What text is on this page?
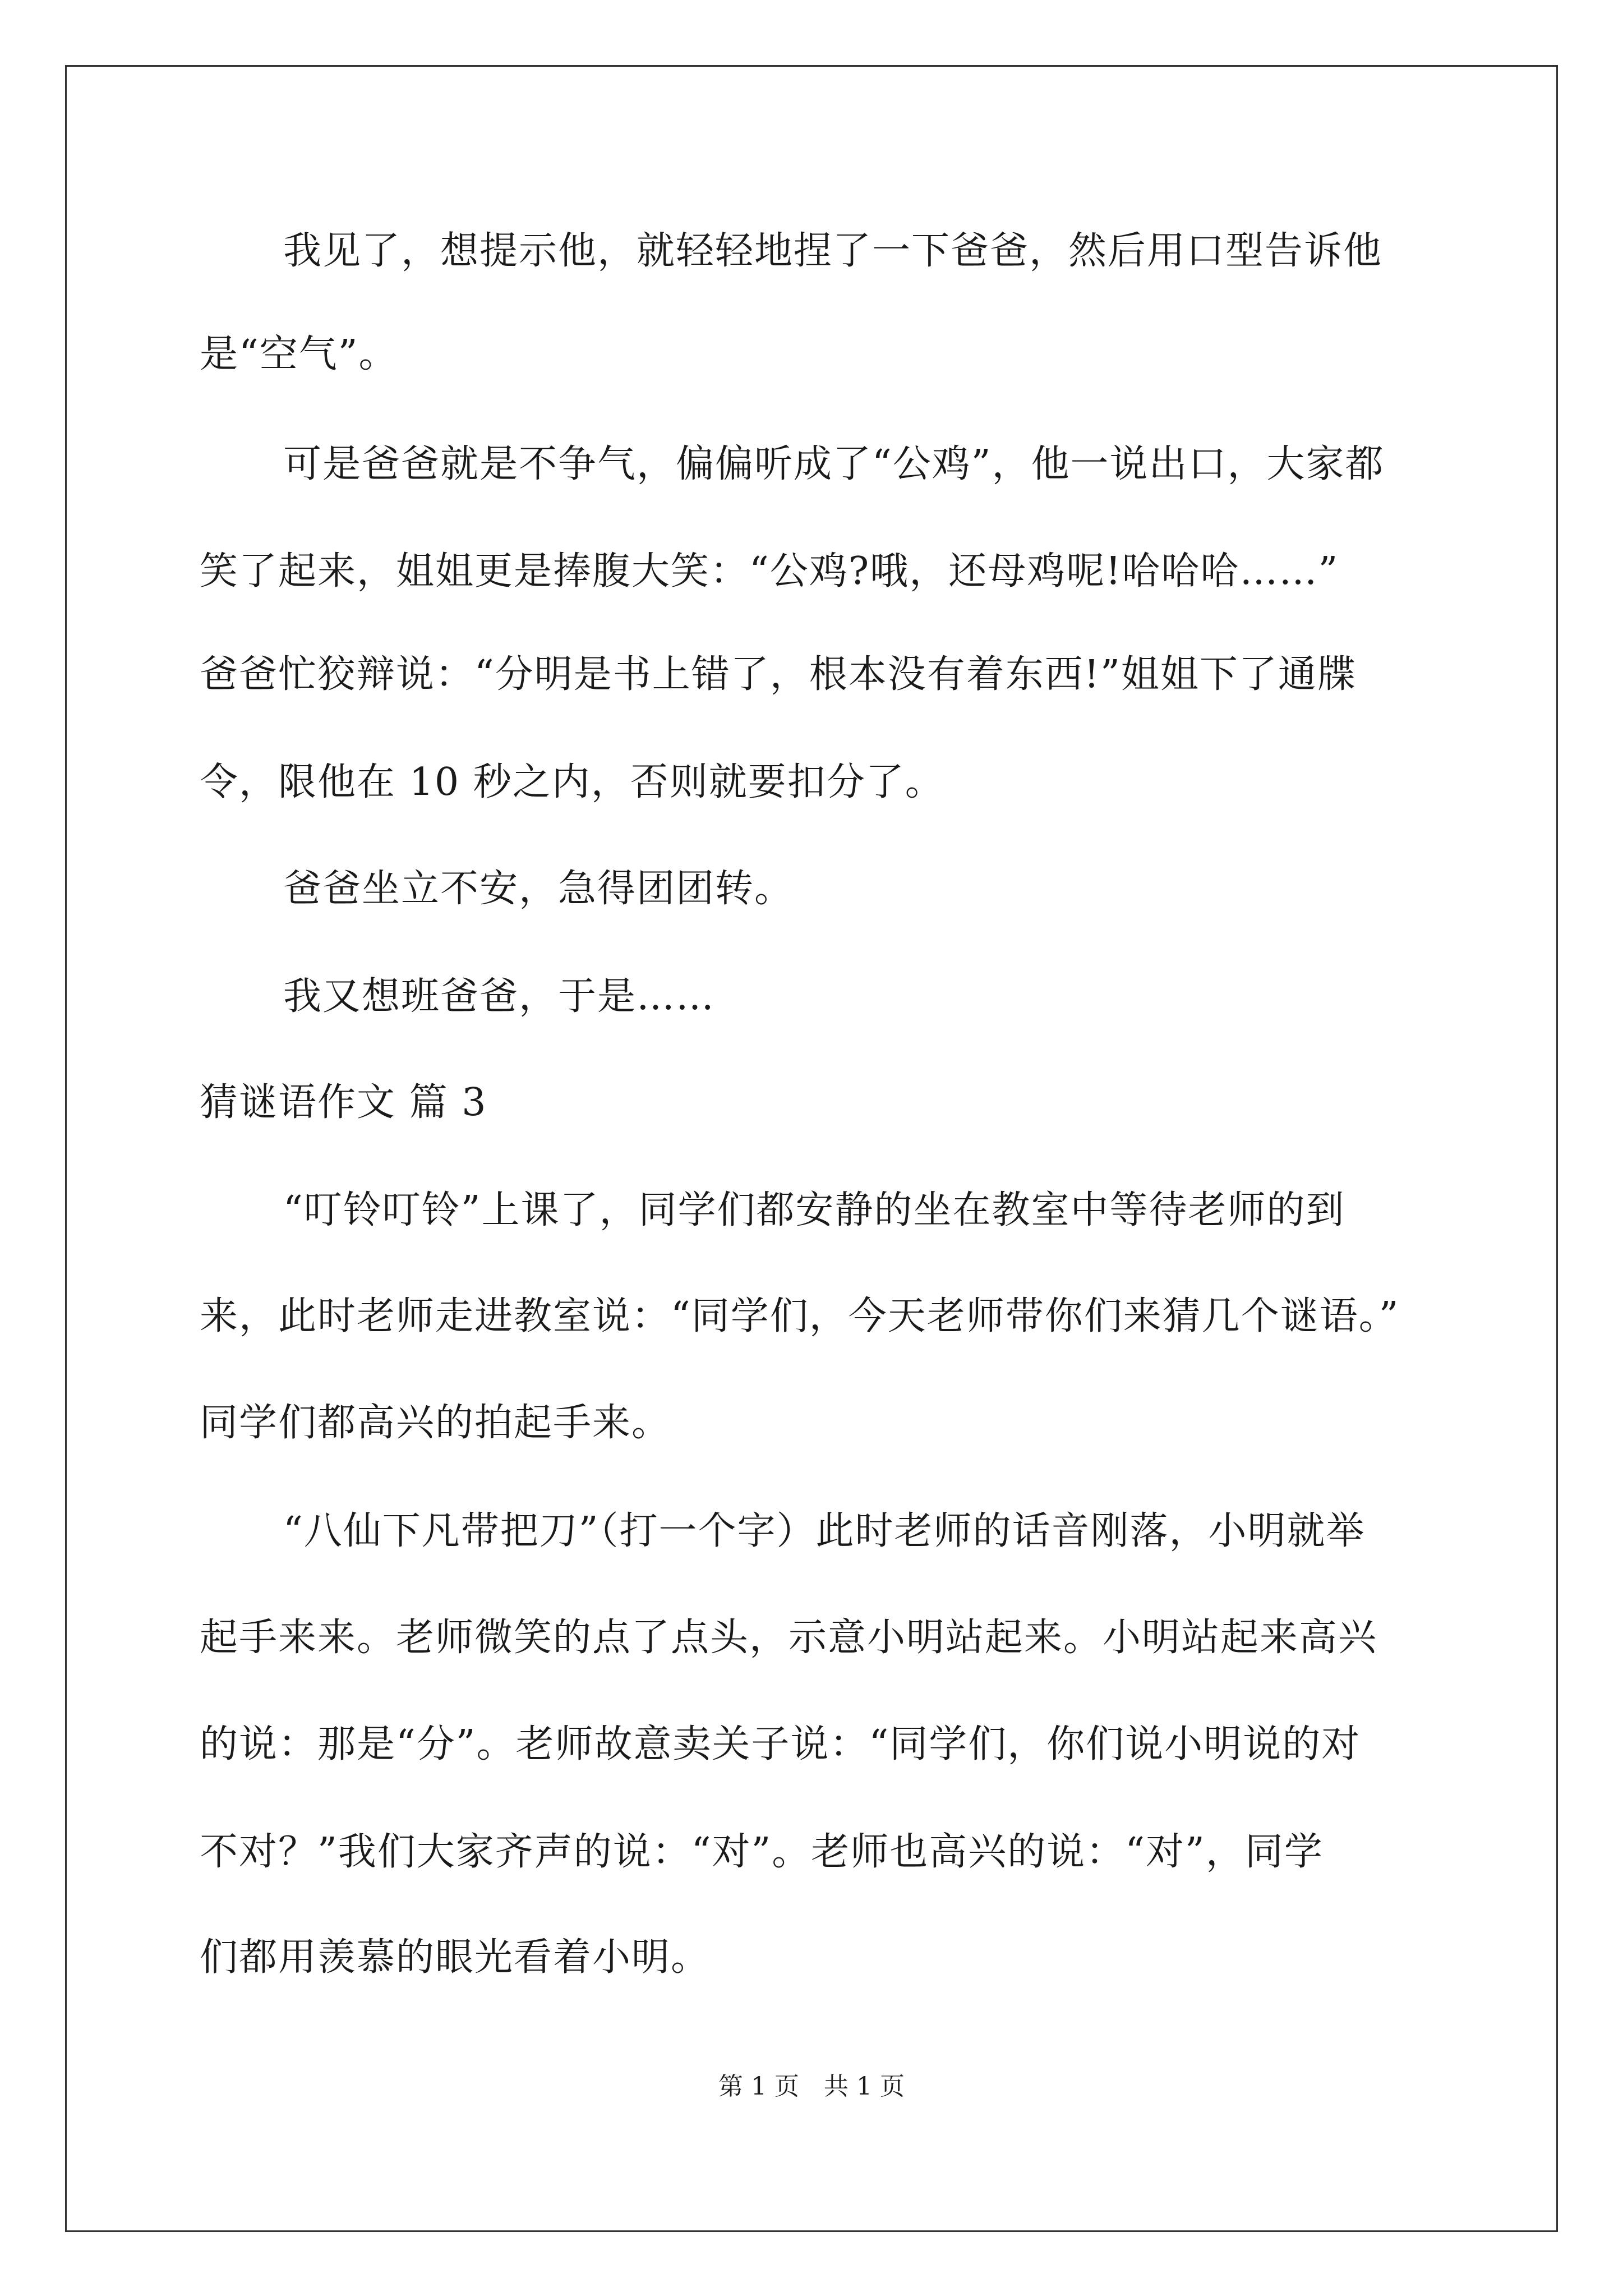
我见了，想提示他，就轻轻地捏了一下爸爸，然后用口型告诉他
是“空气”。
可是爸爸就是不争气，偏偏听成了“公鸡”，他一说出口，大家都
笑了起来，姐姐更是捧腹大笑：“公鸡?哦，还母鸡呢!哈哈哈……”
爸爸忙狡辩说：“分明是书上错了，根本没有着东西!”姐姐下了通牒
令，限他在 10 秒之内，否则就要扣分了。
爸爸坐立不安，急得团团转。
我又想班爸爸，于是……
猜谜语作文 篇 3
“叮铃叮铃”上课了，同学们都安静的坐在教室中等待老师的到
来，此时老师走进教室说：“同学们，今天老师带你们来猜几个谜语。”
同学们都高兴的拍起手来。
“八仙下凡带把刀”（打一个字）此时老师的话音刚落，小明就举
起手来来。老师微笑的点了点头，示意小明站起来。小明站起来高兴
的说：那是“分”。老师故意卖关子说：“同学们，你们说小明说的对
不对？”我们大家齐声的说：“对”。老师也高兴的说：“对”，同学
们都用羡慕的眼光看着小明。
第 1 页　共 1 页
